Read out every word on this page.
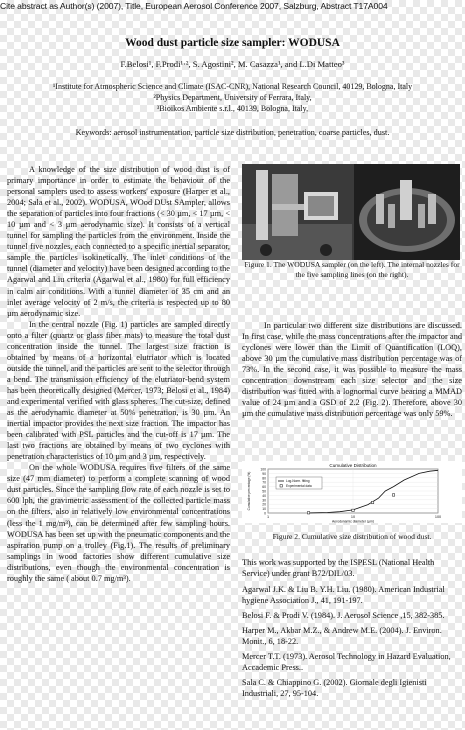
Cite abstract as Author(s) (2007), Title, European Aerosol Conference 2007, Salzburg, Abstract T17A004
Wood dust particle size sampler: WODUSA
F.Belosi¹, F.Prodi¹·², S. Agostini², M. Casazza¹, and L.Di Matteo³
¹Institute for Atmospheric Science and Climate (ISAC-CNR), National Research Council, 40129, Bologna, Italy
²Physics Department, University of Ferrara, Italy,
³Bioikos Ambiente s.r.l., 40139, Bologna, Italy,
Keywords: aerosol instrumentation, particle size distribution, penetration, coarse particles, dust.

A knowledge of the size distribution of wood dust is of primary importance in order to estimate the behaviour of the personal samplers used to assess workers' exposure (Harper et al., 2004; Sala et al., 2002). WODUSA, WOod DUst SAmpler, allows the separation of particles into four fractions (< 30 µm, < 17 µm, < 10 µm and < 3 µm aerodynamic size). It consists of a vertical tunnel for sampling the particles from the environment. Inside the tunnel five nozzles, each connected to a specific inertial separator, sample the particles isokinetically. The inlet conditions of the tunnel (diameter and velocity) have been designed according to the Agarwal and Liu criteria (Agarwal et al., 1980) for full efficiency in calm air conditions. With a tunnel diameter of 35 cm and an inlet average velocity of 2 m/s, the criteria is respected up to 80 µm aerodynamic size.

In the central nozzle (Fig. 1) particles are sampled directly onto a filter (quartz or glass fiber mats) to measure the total dust concentration inside the tunnel. The largest size fraction is obtained by means of a horizontal elutriator which is located outside the tunnel, and the particles are sent to the selector through a bend. The transmission efficiency of the elutriator-bend system has been theoretically designed (Mercer, 1973; Belosi et al., 1984) and experimental verified with glass spheres. The cut-size, defined as the aerodynamic diameter at 50% penetration, is 30 µm. An inertial impactor provides the next size fraction. The impactor has been calibrated with PSL particles and the cut-off is 17 µm. The last two fractions are obtained by means of two cyclones with penetration characteristics of 10 µm and 3 µm, respectively.

On the whole WODUSA requires five filters of the same size (47 mm diameter) to perform a complete scanning of wood dust particles. Since the sampling flow rate of each nozzle is set to 600 lph, the gravimetric assessment of the collected particle mass on the filters, also in relatively low environmental concentrations (less the 1 mg/m³), can be determined after few sampling hours. WODUSA has been set up with the pneumatic components and the aspiration pump on a trolley (Fig.1). The results of preliminary samplings in wood factories show different cumulative size distributions, even though the environmental concentration is roughly the same ( about 0.7 mg/m³).

Figure 1. The WODUSA sampler (on the left). The internal nozzles for the five sampling lines (on the right).

In particular two different size distributions are discussed. In first case, while the mass concentrations after the impactor and cyclones were lower than the Limit of Quantification (LOQ), above 30 µm the cumulative mass distribution percentage was of 73%. In the second case, it was possible to measure the mass concentration downstream each size selector and the size distribution was fitted with a lognormal curve bearing a MMAD value of 24 µm and a GSD of 2.2 (Fig. 2). Therefore, above 30 µm the cumulative mass distribution percentage was only 59%.

0
10
20
30
40
50
60
70
80
90
100
1	10	100
Cumulative Distribution
Aerodynamic diameter (µm)
Cumulative percentage (%)	Log-Norm. fitting
Experimental data
Figure 2. Cumulative size distribution of wood dust.
This work was supported by the ISPESL (National Health Service) under grant B72/DIL/03.
Agarwal J.K. & Liu B. Y.H. Liu. (1980). American Industrial hygiene Association J., 41, 191-197.
Belosi F. & Prodi V. (1984). J. Aerosol Science ,15, 382-385.
Harper M., Akbar M.Z., & Andrew M.E. (2004). J. Environ. Monit., 6, 18-22.
Mercer T.T. (1973). Aerosol Technology in Hazard Evaluation, Accademic Press..
Sala C. & Chiappino G. (2002). Giornale degli Igienisti Industriali, 27, 95-104.
